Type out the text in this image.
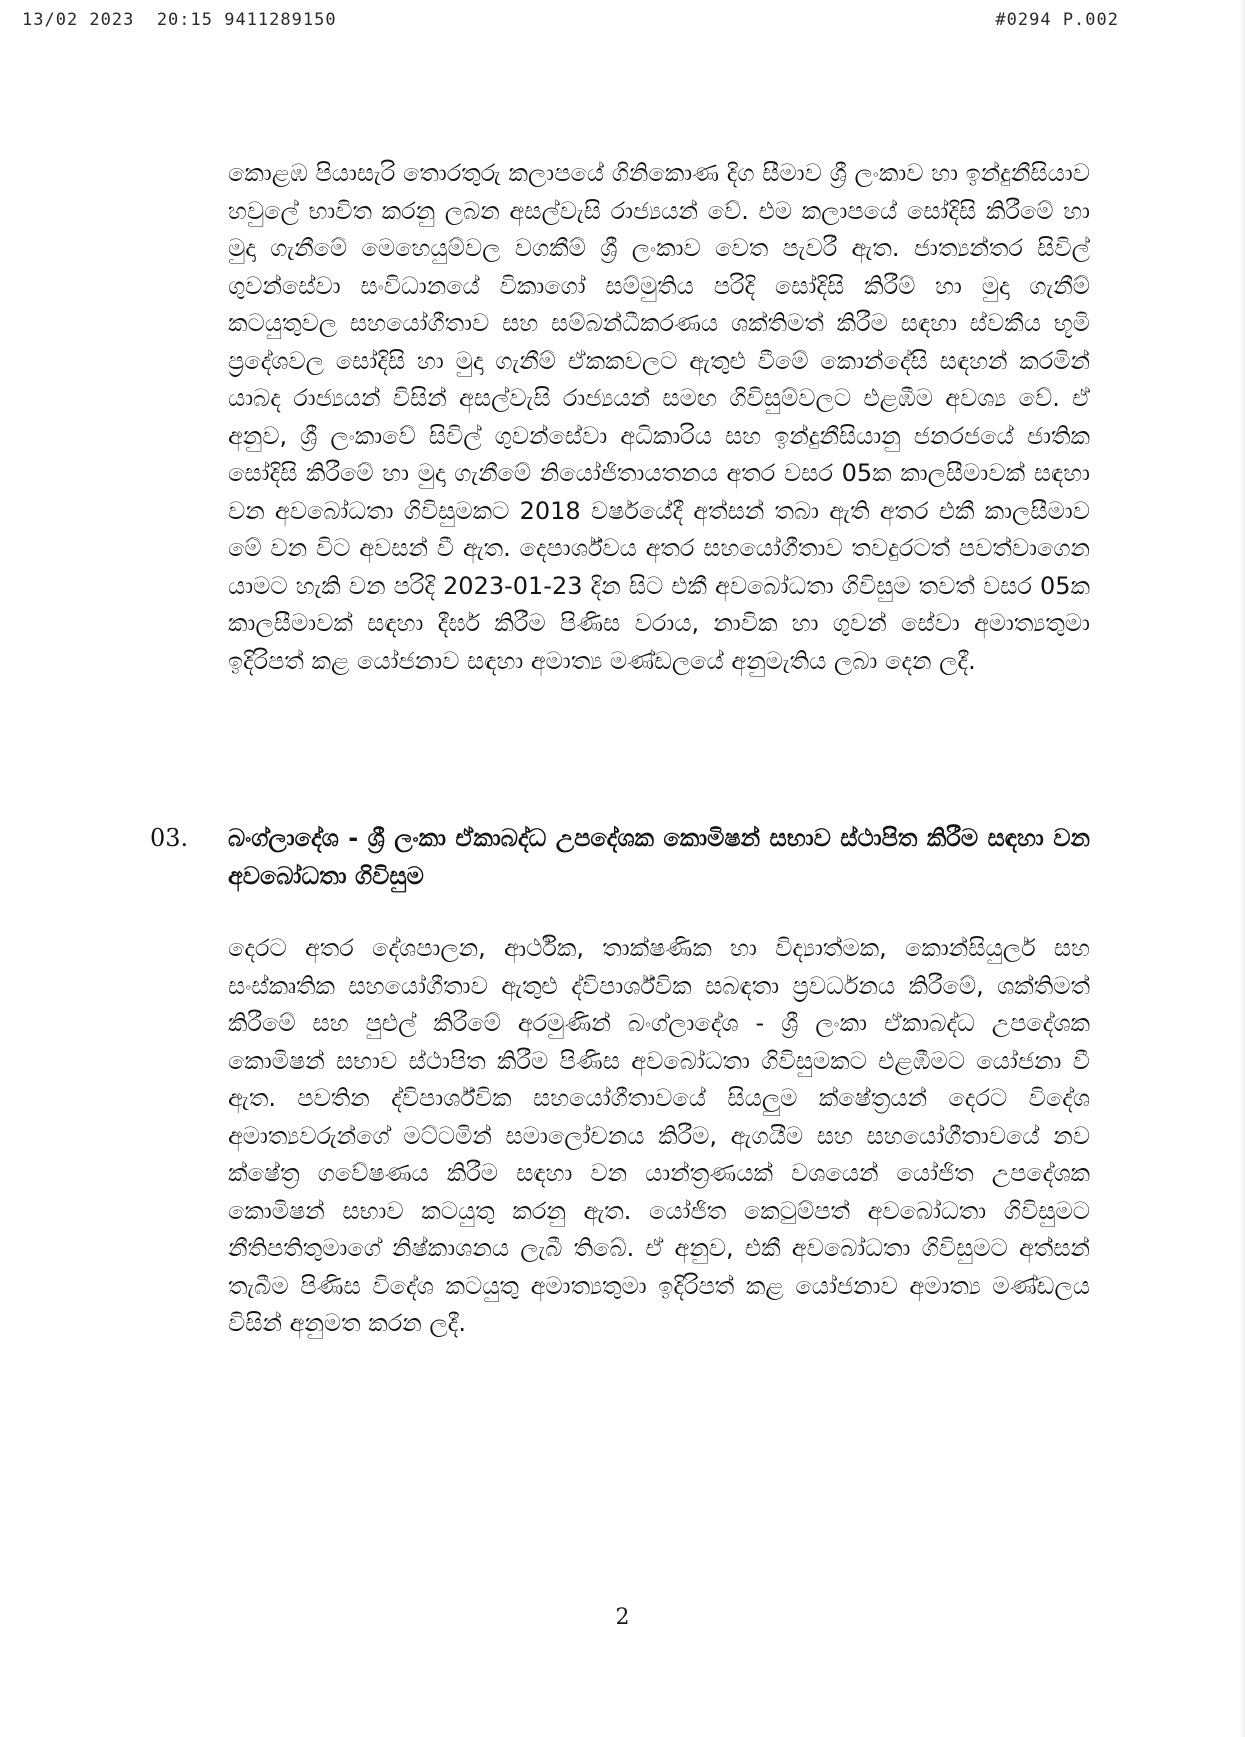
13/02 2023  20:15 9411289150	#0294 P.002
කොළඹ පියාසැරි තොරතුරු කලාපයේ ගිනිකොණ දිග සීමාව ශ්‍රී ලංකාව හා ඉන්දුනීසියාව හවුලේ භාවිත කරනු ලබන අසල්වැසි රාජ්‍යයන් වේ. එම කලාපයේ සෝදිසි කිරීමේ හා මුදා ගැනීමේ මෙහෙයුම්වල වගකීම් ශ්‍රී ලංකාව වෙත පැවරී ඇත. ජාත්‍යන්තර සිවිල් ගුවන්සේවා සංවිධානයේ විකාගෝ සම්මුතිය පරිදි සෝදිසි කිරීම් හා මුදා ගැනීම් කටයුතුවල සහයෝගීතාව සහ සම්බන්ධීකරණය ශක්තිමත් කිරීම සඳහා ස්වකීය භූමි ප්‍රදේශවල සෝදිසි හා මුදා ගැනීම් ඒකකවලට ඇතුළු වීමේ කොන්දේසි සඳහන් කරමින් යාබද රාජ්‍යයන් විසින් අසල්වැසි රාජ්‍යයන් සමඟ ගිවිසුම්වලට එළඹීම අවශ්‍ය වේ. ඒ අනුව, ශ්‍රී ලංකාවේ සිවිල් ගුවන්සේවා අධිකාරිය සහ ඉන්දුනීසියානු ජනරජයේ ජාතික සෝදිසි කිරීමේ හා මුදා ගැනීමේ නියෝජිතායතනය අතර වසර 05ක කාලසීමාවක් සඳහා වන අවබෝධතා ගිවිසුමකට 2018 වර්ෂයේදී අත්සන් තබා ඇති අතර එකී කාලසීමාව මේ වන විට අවසන් වී ඇත. දෙපාර්ශ්වය අතර සහයෝගීතාව තවදුරටත් පවත්වාගෙන යාමට හැකි වන පරිදි 2023-01-23 දින සිට එකී අවබෝධතා ගිවිසුම තවත් වසර 05ක කාලසීමාවක් සඳහා දීර්ඝ කිරීම පිණිස වරාය, නාවික හා ගුවන් සේවා අමාත්‍යතුමා ඉදිරිපත් කළ යෝජනාව සඳහා අමාත්‍ය මණ්ඩලයේ අනුමැතිය ලබා දෙන ලදී.
03. බංග්ලාදේශ - ශ්‍රී ලංකා ඒකාබද්ධ උපදේශක කොමිෂන් සභාව ස්ථාපිත කිරීම සඳහා වන අවබෝධතා ගිවිසුම
දෙරට අතර දේශපාලන, ආර්ථික, තාක්ෂණික හා විද්‍යාත්මක, කොන්සියුලර් සහ සංස්කෘතික සහයෝගීතාව ඇතුළු ද්විපාර්ශ්වික සබඳතා ප්‍රවර්ධනය කිරීමේ, ශක්තිමත් කිරීමේ සහ පුළුල් කිරීමේ අරමුණින් බංග්ලාදේශ - ශ්‍රී ලංකා ඒකාබද්ධ උපදේශක කොමිෂන් සභාව ස්ථාපිත කිරීම පිණිස අවබෝධතා ගිවිසුමකට එළඹීමට යෝජනා වී ඇත. පවතින ද්විපාර්ශ්වික සහයෝගීතාවයේ සියලුම ක්ෂේත්‍රයන් දෙරට විදේශ අමාත්‍යවරුන්ගේ මට්ටමින් සමාලෝචනය කිරීම, ඇගයීම සහ සහයෝගීතාවයේ නව ක්ෂේත්‍ර ගවේෂණය කිරීම සඳහා වන යාන්ත්‍රණයක් වශයෙන් යෝජිත උපදේශක කොමිෂන් සභාව කටයුතු කරනු ඇත. යෝජිත කෙටුම්පත් අවබෝධතා ගිවිසුමට නීතිපතිතුමාගේ නිෂ්කාශනය ලැබී තිබේ. ඒ අනුව, එකී අවබෝධතා ගිවිසුමට අත්සන් තැබීම පිණිස විදේශ කටයුතු අමාත්‍යතුමා ඉදිරිපත් කළ යෝජනාව අමාත්‍ය මණ්ඩලය විසින් අනුමත කරන ලදී.
2
